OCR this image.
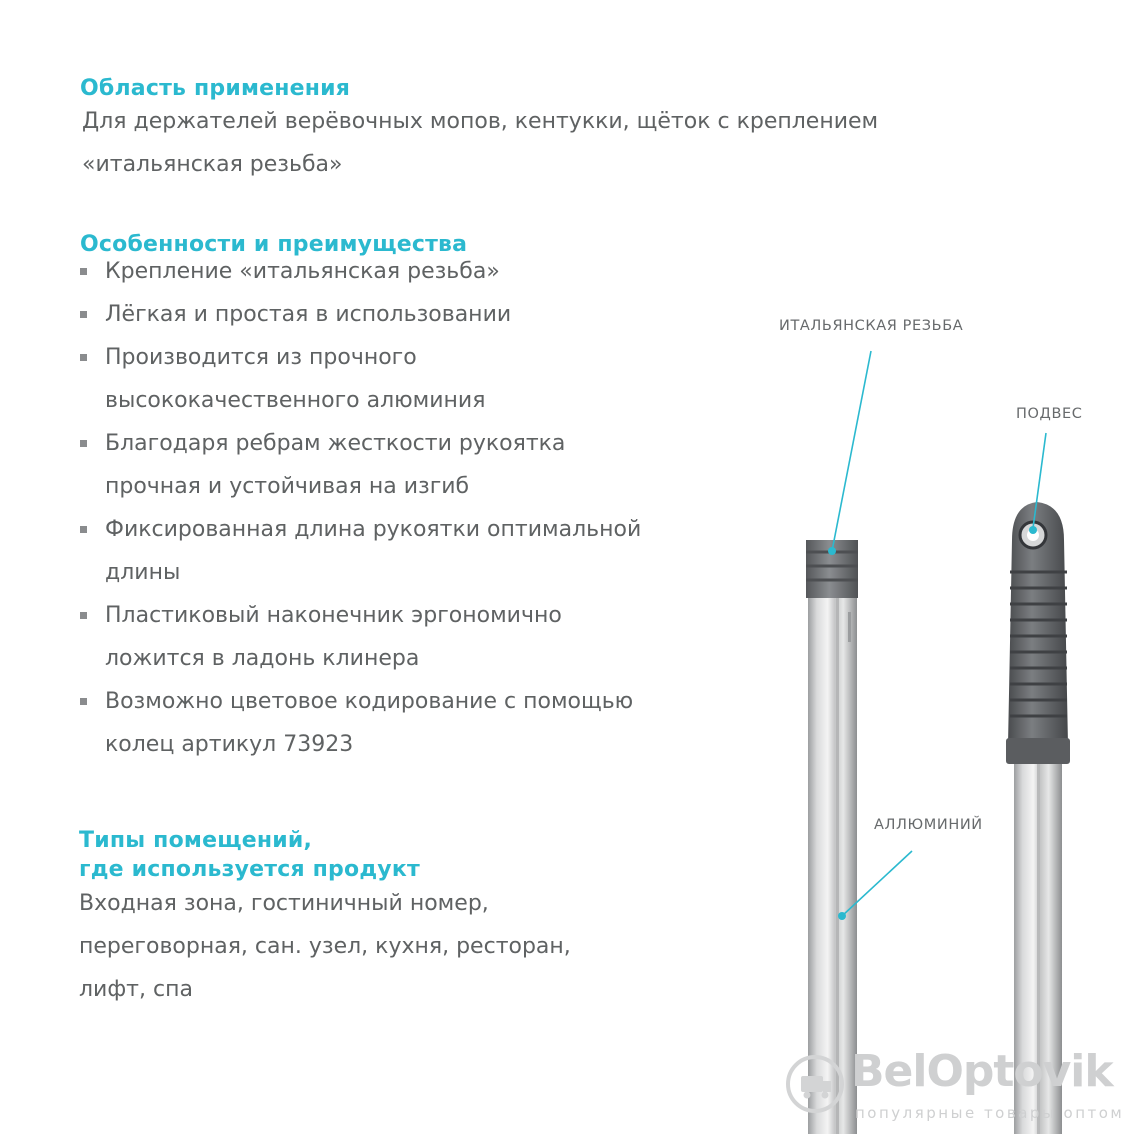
Область применения
Для держателей верёвочных мопов, кентукки, щёток с креплением
«итальянская резьба»
Особенности и преимущества
Крепление «итальянская резьба»
Лёгкая и простая в использовании
Производится из прочного
высококачественного алюминия
Благодаря ребрам жесткости рукоятка
прочная и устойчивая на изгиб
Фиксированная длина рукоятки оптимальной
длины
Пластиковый наконечник эргономично
ложится в ладонь клинера
Возможно цветовое кодирование с помощью
колец артикул 73923
Типы помещений,
где используется продукт
Входная зона, гостиничный номер,
переговорная, сан. узел, кухня, ресторан,
лифт, спа
ИТАЛЬЯНСКАЯ РЕЗЬБА
ПОДВЕС
АЛЛЮМИНИЙ
BelOptovik
популярные товары оптом
